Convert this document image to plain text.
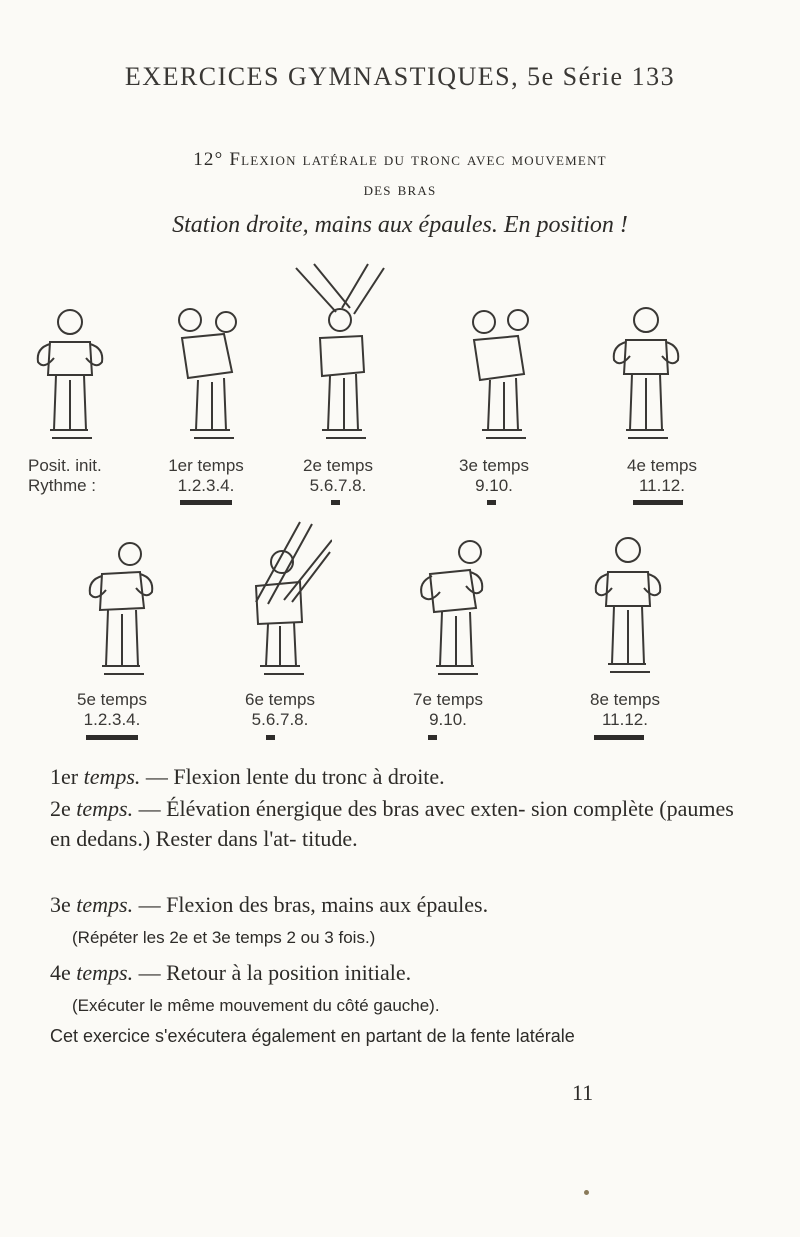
EXERCICES GYMNASTIQUES, 5e Série 133
12° Flexion latérale du tronc avec mouvement
des bras
Station droite, mains aux épaules. En position !
Posit. init.
Rythme :
1er temps
1.2.3.4.
2e temps
5.6.7.8.
3e temps
9.10.
4e temps
11.12.
5e temps
1.2.3.4.
6e temps
5.6.7.8.
7e temps
9.10.
8e temps
11.12.
1er temps. — Flexion lente du tronc à droite.
2e temps. — Élévation énergique des bras avec exten- sion complète (paumes en dedans.) Rester dans l'at- titude.
3e temps. — Flexion des bras, mains aux épaules.
(Répéter les 2e et 3e temps 2 ou 3 fois.)
4e temps. — Retour à la position initiale.
(Exécuter le même mouvement du côté gauche).
Cet exercice s'exécutera également en partant de la fente latérale
11
